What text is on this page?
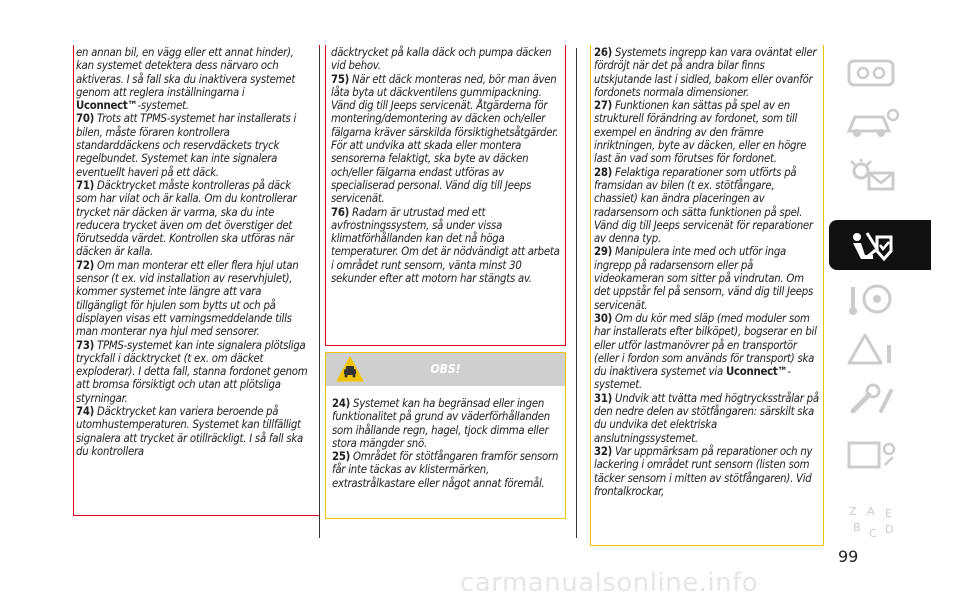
en annan bil, en vägg eller ett annat hinder), kan systemet detektera dess närvaro och aktiveras. I så fall ska du inaktivera systemet genom att reglera inställningarna i Uconnect™-systemet.

70) Trots att TPMS-systemet har installerats i bilen, måste föraren kontrollera standarddäckens och reservdäckets tryck regelbundet. Systemet kan inte signalera eventuellt haveri på ett däck.

71) Däcktrycket måste kontrolleras på däck som har vilat och är kalla. Om du kontrollerar trycket när däcken är varma, ska du inte reducera trycket även om det överstiger det förutsedda värdet. Kontrollen ska utföras när däcken är kalla.

72) Om man monterar ett eller flera hjul utan sensor (t ex. vid installation av reservhjulet), kommer systemet inte längre att vara tillgängligt för hjulen som bytts ut och på displayen visas ett varningsmeddelande tills man monterar nya hjul med sensorer.

73) TPMS-systemet kan inte signalera plötsliga tryckfall i däcktrycket (t ex. om däcket exploderar). I detta fall, stanna fordonet genom att bromsa försiktigt och utan att plötsliga styrningar.

74) Däcktrycket kan variera beroende på utomhustemperaturen. Systemet kan tillfälligt signalera att trycket är otillräckligt. I så fall ska du kontrollera

däcktrycket på kalla däck och pumpa däcken vid behov.

75) När ett däck monteras ned, bör man även låta byta ut däckventilens gummipackning. Vänd dig till Jeeps servicenät. Åtgärderna för montering/demontering av däcken och/eller fälgarna kräver särskilda försiktighetsåtgärder. För att undvika att skada eller montera sensorerna felaktigt, ska byte av däcken och/eller fälgarna endast utföras av specialiserad personal. Vänd dig till Jeeps servicenät.

76) Radarn är utrustad med ett avfrostningssystem, så under vissa klimatförhållanden kan det nå höga temperaturer. Om det är nödvändigt att arbeta i området runt sensorn, vänta minst 30 sekunder efter att motorn har stängts av.

OBS!

24) Systemet kan ha begränsad eller ingen funktionalitet på grund av väderförhållanden som ihållande regn, hagel, tjock dimma eller stora mängder snö.

25) Området för stötfångaren framför sensorn får inte täckas av klistermärken, extrastrålkastare eller något annat föremål.

26) Systemets ingrepp kan vara oväntat eller fördröjt när det på andra bilar finns utskjutande last i sidled, bakom eller ovanför fordonets normala dimensioner.

27) Funktionen kan sättas på spel av en strukturell förändring av fordonet, som till exempel en ändring av den främre inriktningen, byte av däcken, eller en högre last än vad som förutses för fordonet.

28) Felaktiga reparationer som utförts på framsidan av bilen (t ex. stötfångare, chassiet) kan ändra placeringen av radarsensorn och sätta funktionen på spel. Vänd dig till Jeeps servicenät för reparationer av denna typ.

29) Manipulera inte med och utför inga ingrepp på radarsensorn eller på videokameran som sitter på vindrutan. Om det uppstår fel på sensorn, vänd dig till Jeeps servicenät.

30) Om du kör med släp (med moduler som har installerats efter bilköpet), bogserar en bil eller utför lastmanövrer på en transportör (eller i fordon som används för transport) ska du inaktivera systemet via Uconnect™-systemet.

31) Undvik att tvätta med högtrycksstrålar på den nedre delen av stötfångaren: särskilt ska du undvika det elektriska anslutningssystemet.

32) Var uppmärksam på reparationer och ny lackering i området runt sensorn (listen som täcker sensorn i mitten av stötfångaren). Vid frontalkrockar,

Z A E
B C D
99
carmanualsonline.info
